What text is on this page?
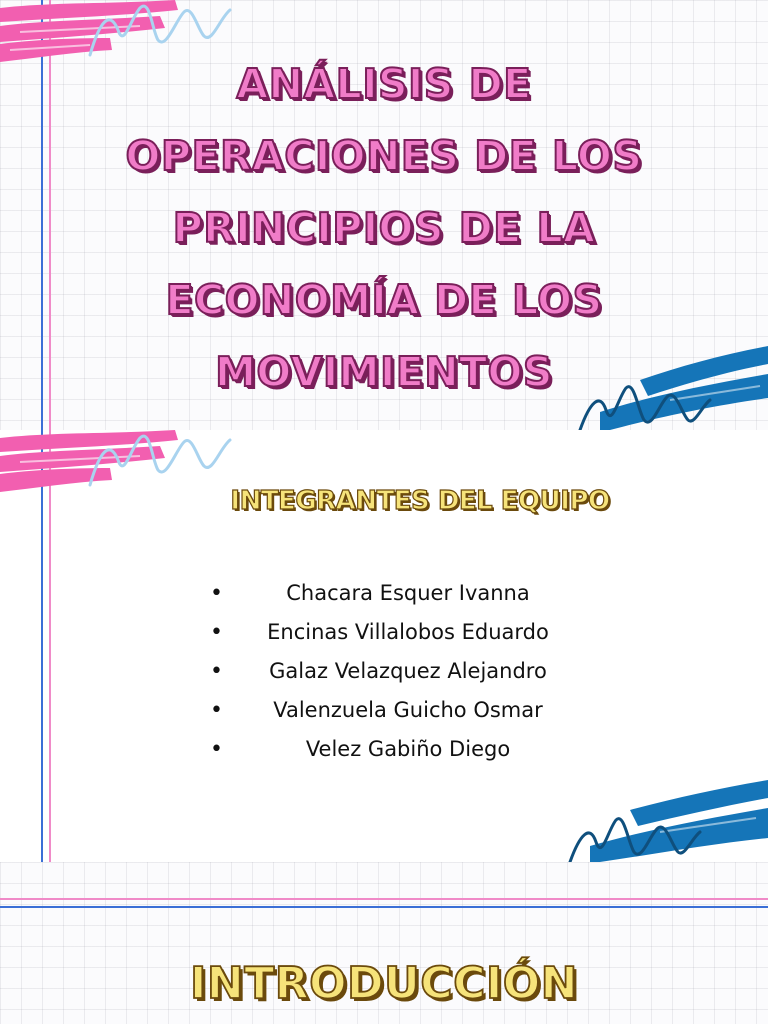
ANÁLISIS DE
OPERACIONES DE LOS
PRINCIPIOS DE LA
ECONOMÍA DE LOS
MOVIMIENTOS
INTEGRANTES DEL EQUIPO
•	Chacara Esquer Ivanna
•	Encinas Villalobos Eduardo
•	Galaz Velazquez Alejandro
•	Valenzuela Guicho Osmar
•	Velez Gabiño Diego
INTRODUCCIÓN
